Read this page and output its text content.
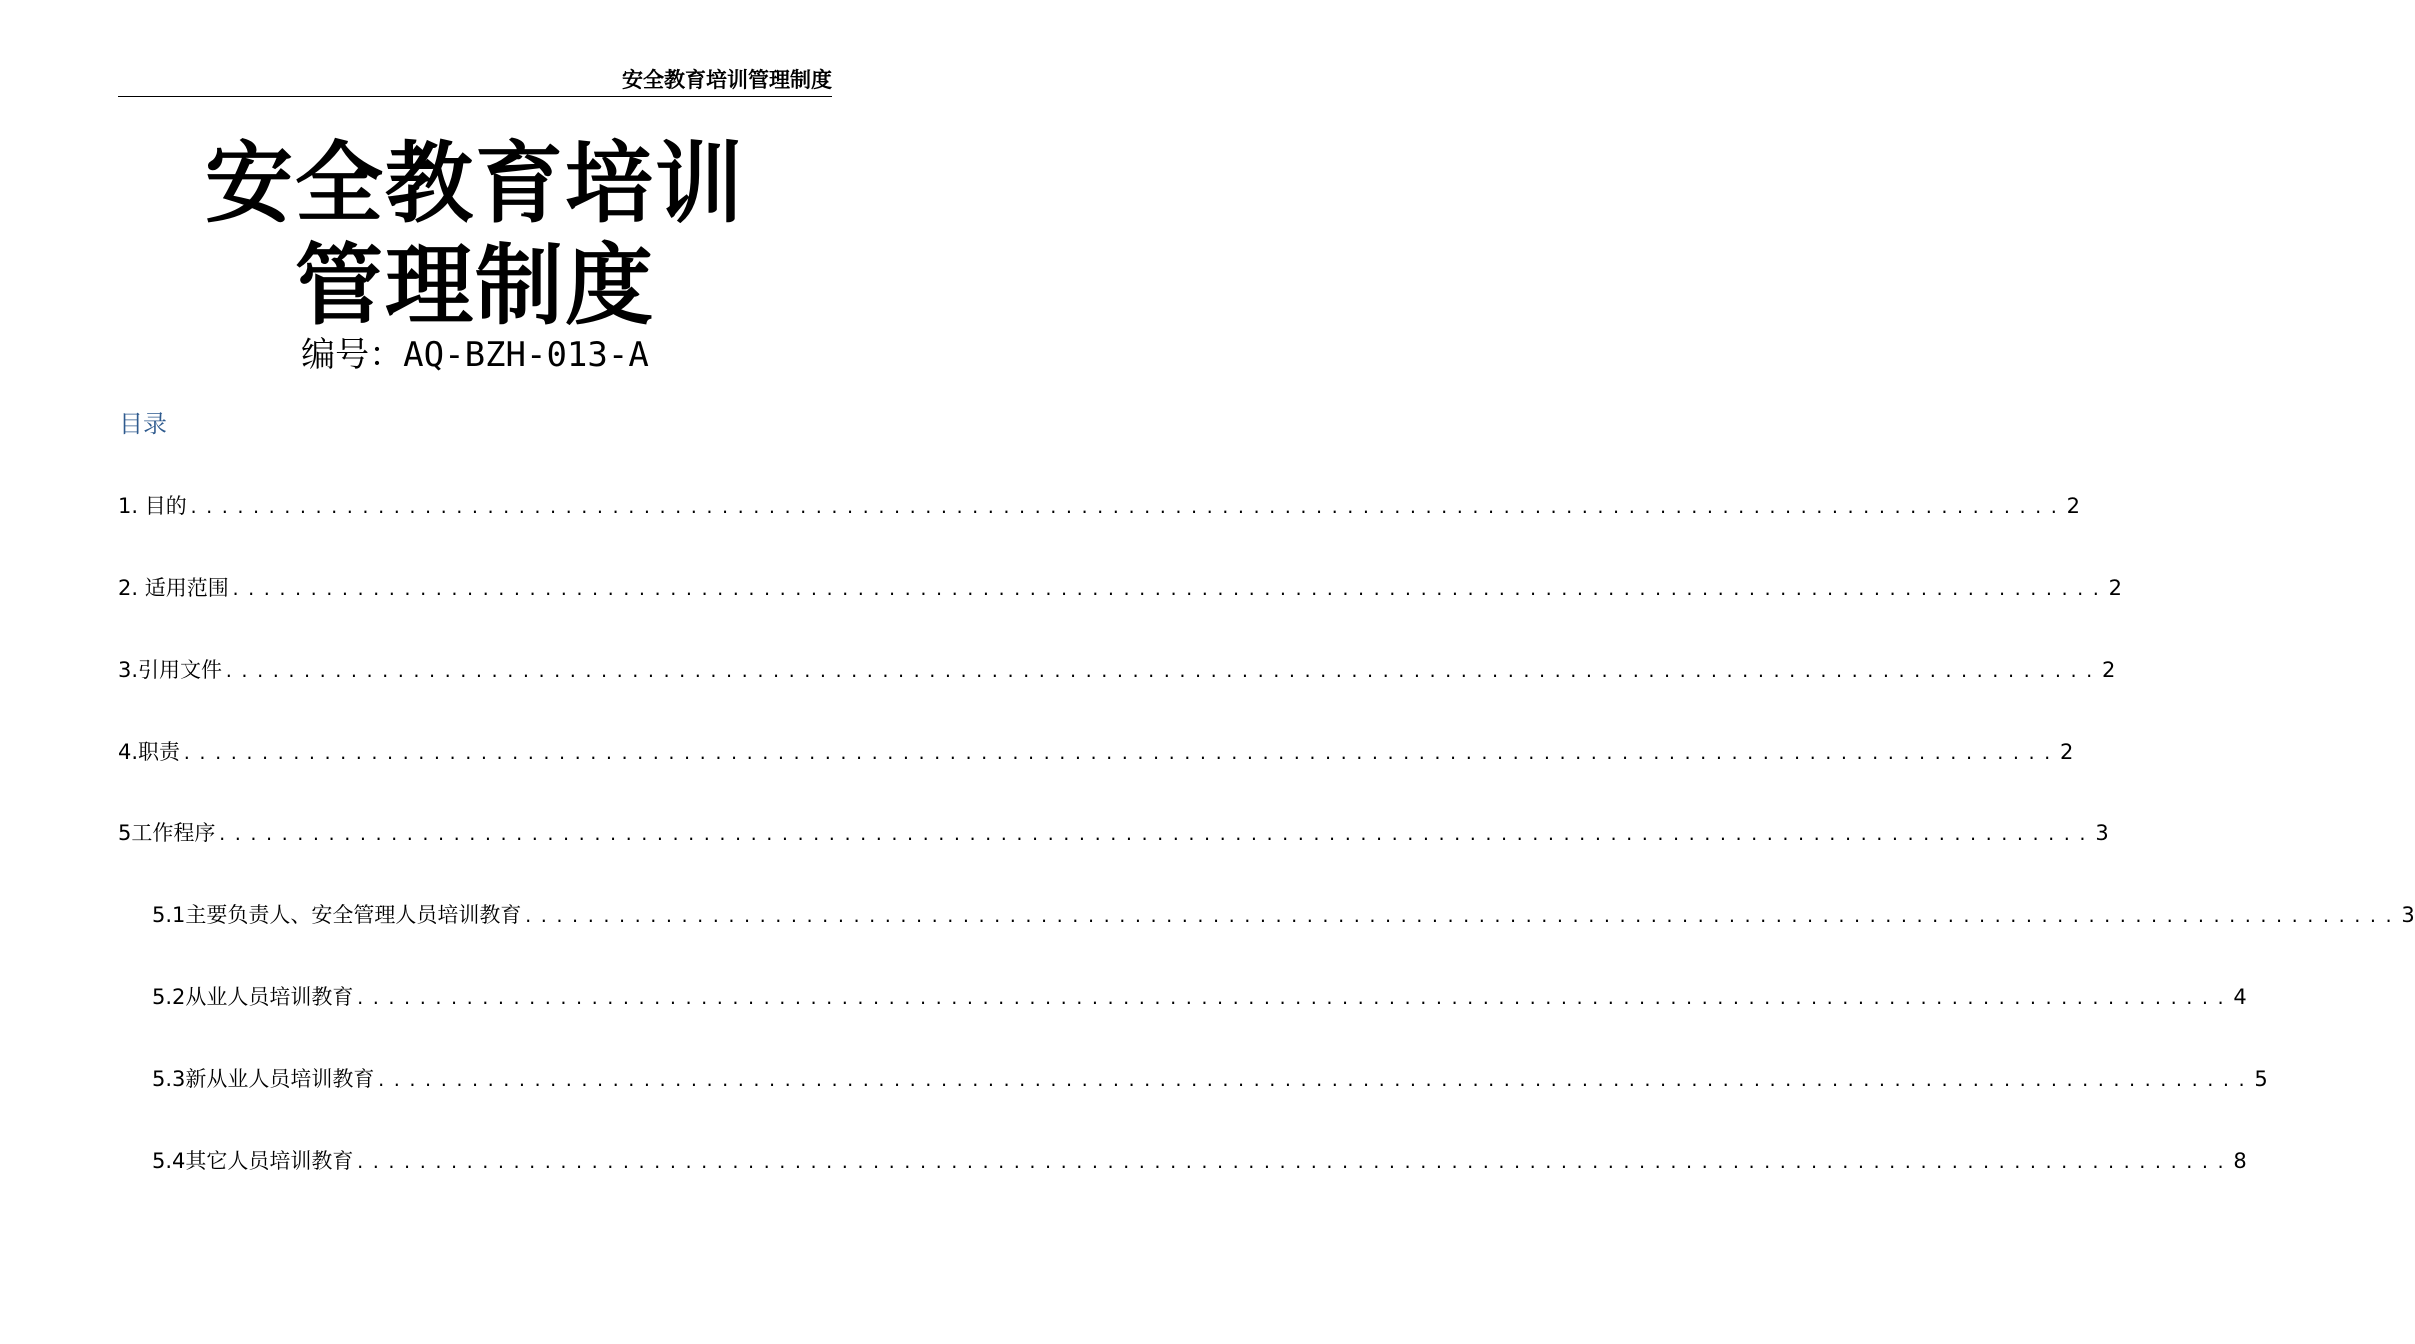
安全教育培训管理制度
安全教育培训
管理制度
编号：AQ-BZH-013-A
目录
1. 目的 ........................................................................................................................ 2
2. 适用范围 ........................................................................................................................ 2
3.引用文件 ........................................................................................................................ 2
4.职责 ........................................................................................................................ 2
5工作程序 ........................................................................................................................ 3
5.1主要负责人、安全管理人员培训教育 ........................................................................................................................ 3
5.2从业人员培训教育 ........................................................................................................................ 4
5.3新从业人员培训教育 ........................................................................................................................ 5
5.4其它人员培训教育 ........................................................................................................................ 8
